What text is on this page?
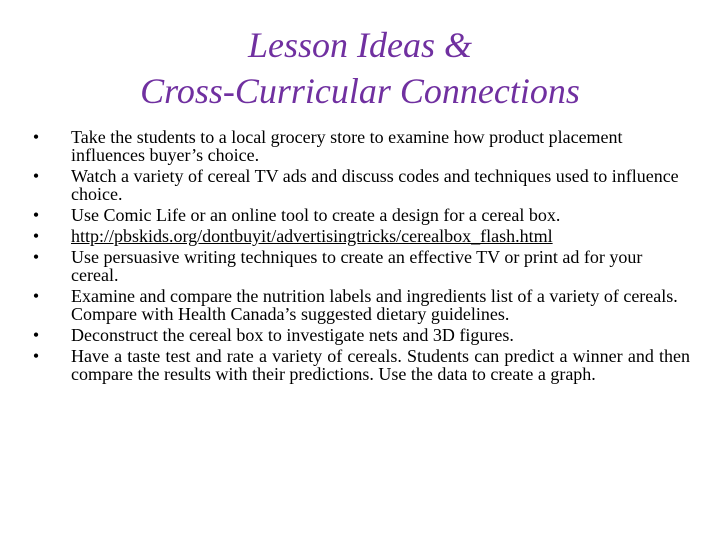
Lesson Ideas &
Cross-Curricular Connections
• Take the students to a local grocery store to examine how product placement influences buyer’s choice.
• Watch a variety of cereal TV ads and discuss codes and techniques used to influence choice.
• Use Comic Life or an online tool to create a design for a cereal box.
• http://pbskids.org/dontbuyit/advertisingtricks/cerealbox_flash.html
• Use persuasive writing techniques to create an effective TV or print ad for your cereal.
• Examine and compare the nutrition labels and ingredients list of a variety of cereals. Compare with Health Canada’s suggested dietary guidelines.
• Deconstruct the cereal box to investigate nets and 3D figures.
• Have a taste test and rate a variety of cereals. Students can predict a winner and then compare the results with their predictions. Use the data to create a graph.
